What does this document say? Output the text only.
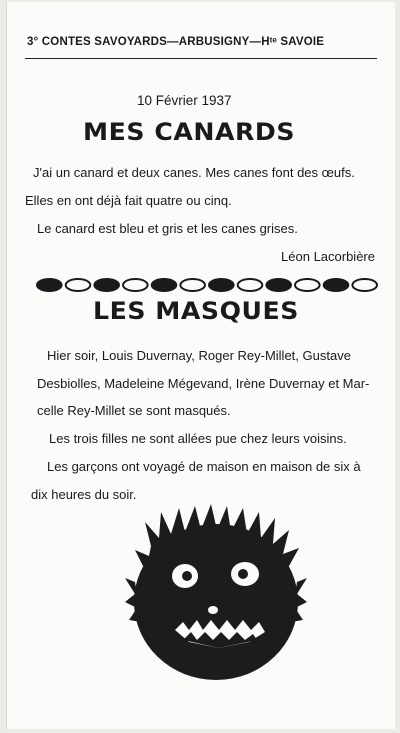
3° CONTES SAVOYARDS—ARBUSIGNY—Hᵗᵉ SAVOIE
10 Février 1937
MES CANARDS

J'ai un canard et deux canes. Mes canes font des œufs.

Elles en ont déjà fait quatre ou cinq.

Le canard est bleu et gris et les canes grises.

Léon Lacorbière

LES MASQUES

Hier soir, Louis Duvernay, Roger Rey-Millet, Gustave

Desbiolles, Madeleine Mégevand, Irène Duvernay et Mar-

celle Rey-Millet se sont masqués.

Les trois filles ne sont allées pue chez leurs voisins.

Les garçons ont voyagé de maison en maison de six à

dix heures du soir.
